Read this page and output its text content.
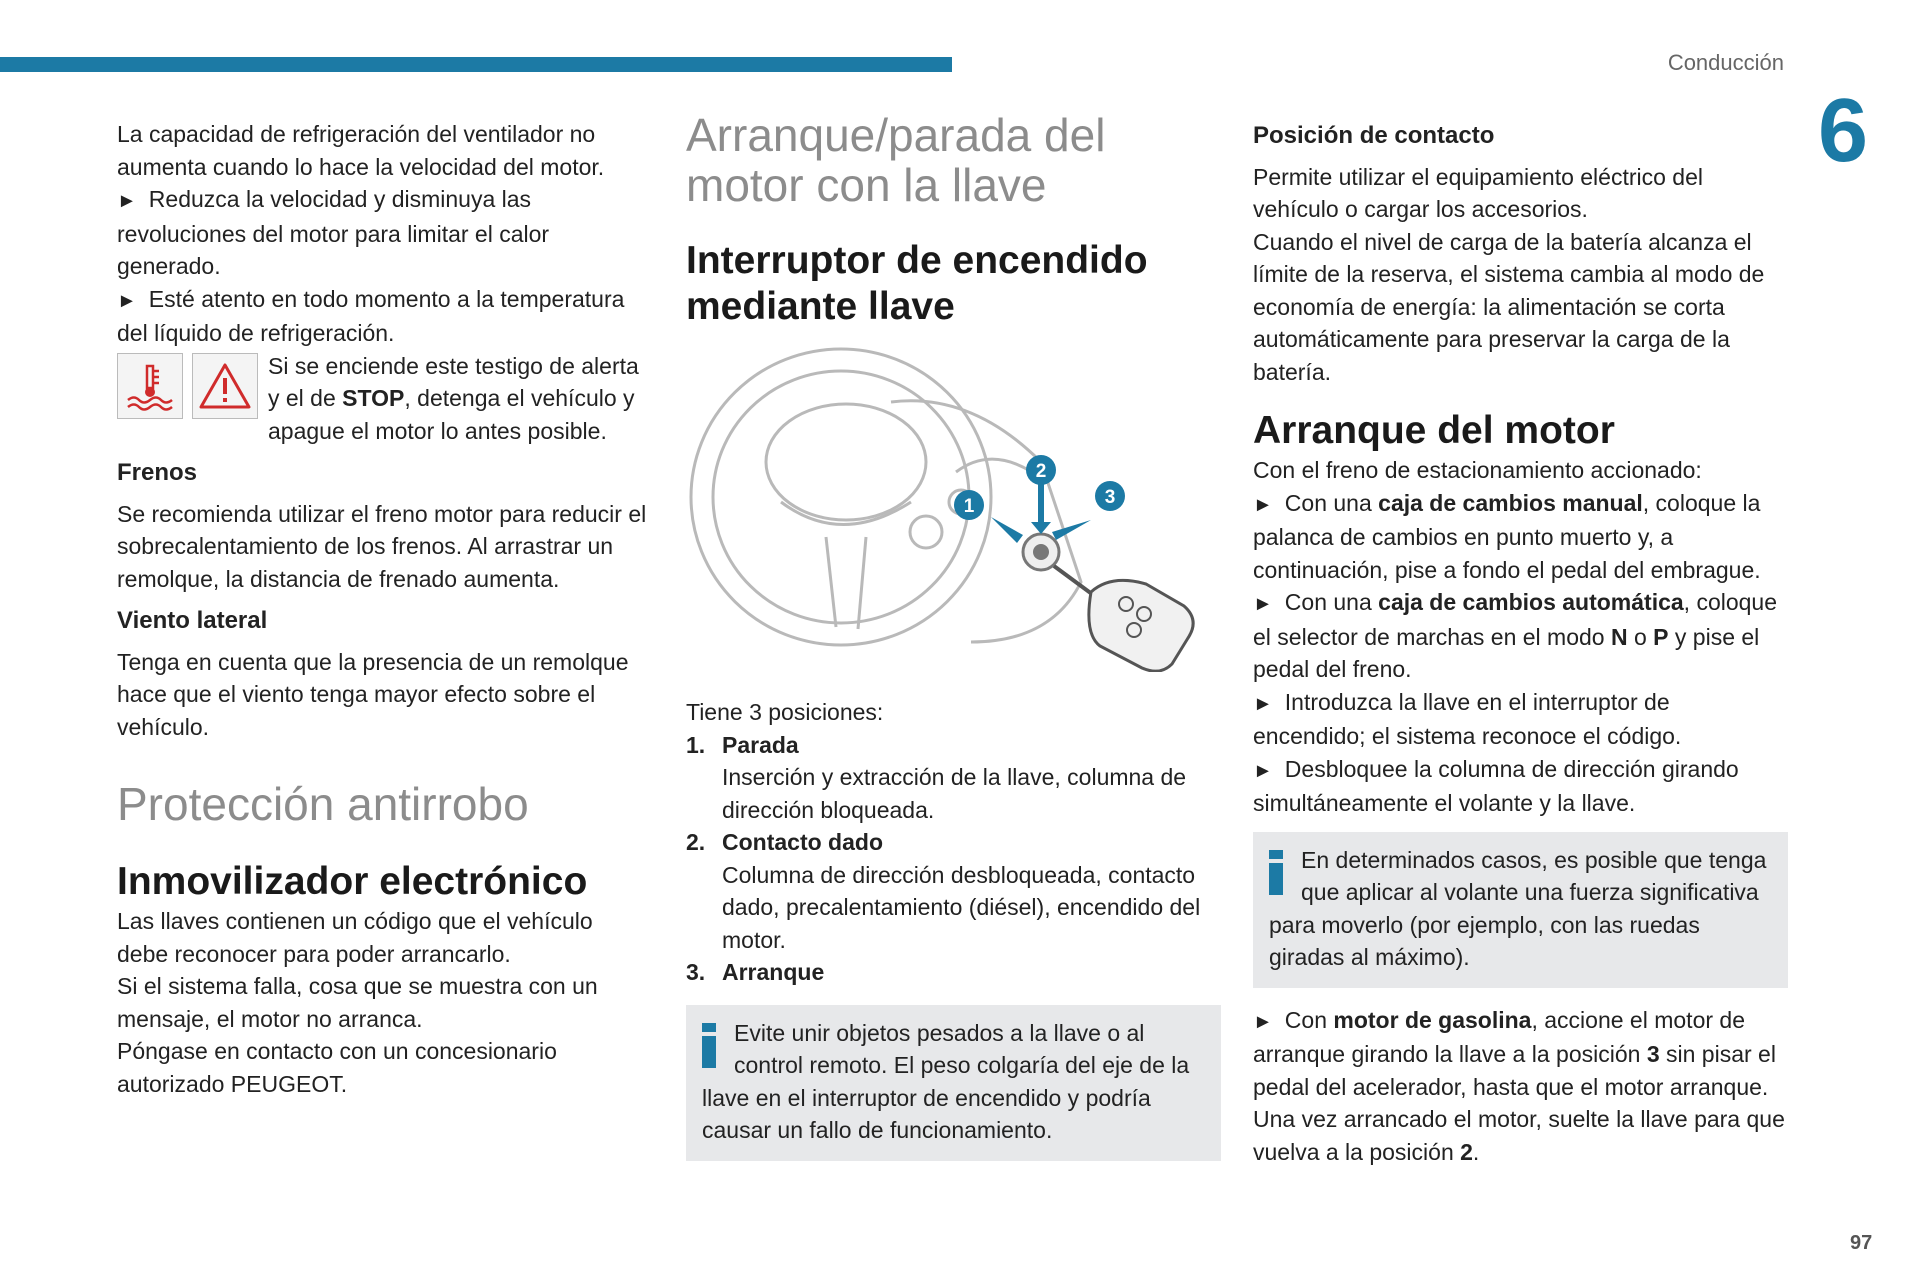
Conducción
6
97

La capacidad de refrigeración del ventilador no aumenta cuando lo hace la velocidad del motor.

► Reduzca la velocidad y disminuya las revoluciones del motor para limitar el calor generado.

► Esté atento en todo momento a la temperatura del líquido de refrigeración.

Si se enciende este testigo de alerta y el de STOP, detenga el vehículo y apague el motor lo antes posible.

Frenos

Se recomienda utilizar el freno motor para reducir el sobrecalentamiento de los frenos. Al arrastrar un remolque, la distancia de frenado aumenta.

Viento lateral

Tenga en cuenta que la presencia de un remolque hace que el viento tenga mayor efecto sobre el vehículo.

Protección antirrobo
Inmovilizador electrónico

Las llaves contienen un código que el vehículo debe reconocer para poder arrancarlo.

Si el sistema falla, cosa que se muestra con un mensaje, el motor no arranca.

Póngase en contacto con un concesionario autorizado PEUGEOT.

Arranque/parada del motor con la llave
Interruptor de encendido mediante llave
1
2
3

Tiene 3 posiciones:

1. Parada
Inserción y extracción de la llave, columna de dirección bloqueada.
2. Contacto dado
Columna de dirección desbloqueada, contacto dado, precalentamiento (diésel), encendido del motor.
3. Arranque

Evite unir objetos pesados a la llave o al control remoto. El peso colgaría del eje de la llave en el interruptor de encendido y podría causar un fallo de funcionamiento.

Posición de contacto

Permite utilizar el equipamiento eléctrico del vehículo o cargar los accesorios.

Cuando el nivel de carga de la batería alcanza el límite de la reserva, el sistema cambia al modo de economía de energía: la alimentación se corta automáticamente para preservar la carga de la batería.

Arranque del motor

Con el freno de estacionamiento accionado:

► Con una caja de cambios manual, coloque la palanca de cambios en punto muerto y, a continuación, pise a fondo el pedal del embrague.

► Con una caja de cambios automática, coloque el selector de marchas en el modo N o P y pise el pedal del freno.

► Introduzca la llave en el interruptor de encendido; el sistema reconoce el código.

► Desbloquee la columna de dirección girando simultáneamente el volante y la llave.

En determinados casos, es posible que tenga que aplicar al volante una fuerza significativa para moverlo (por ejemplo, con las ruedas giradas al máximo).

► Con motor de gasolina, accione el motor de arranque girando la llave a la posición 3 sin pisar el pedal del acelerador, hasta que el motor arranque. Una vez arrancado el motor, suelte la llave para que vuelva a la posición 2.
